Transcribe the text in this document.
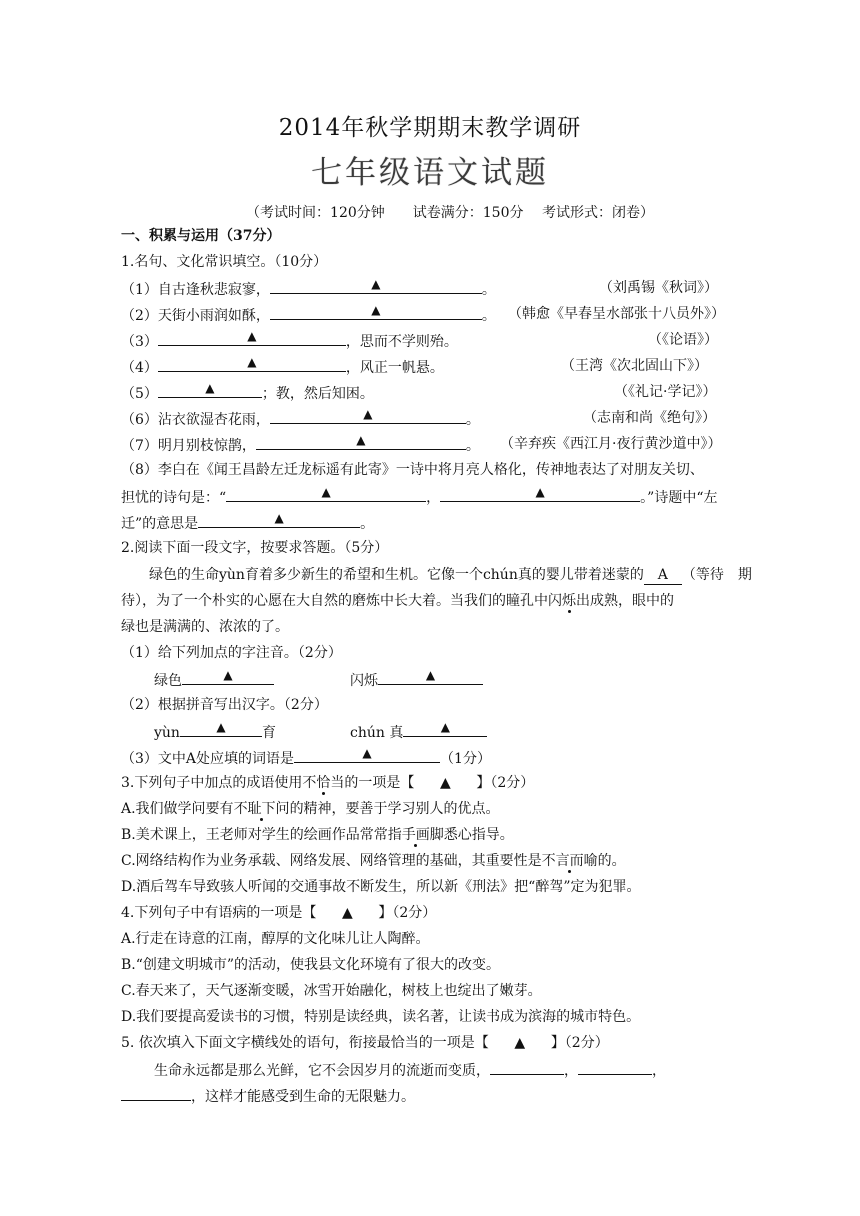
2014年秋学期期末教学调研
七年级语文试题
（考试时间：120分钟　　试卷满分：150分　 考试形式：闭卷）
一、积累与运用（37分）
1.名句、文化常识填空。（10分）
（1）自古逢秋悲寂寥，	▲	。	（刘禹锡《秋词》）
（2）天街小雨润如酥，	▲	。 （韩愈《早春呈水部张十八员外》）
（3）	▲	，思而不学则殆。	（《论语》）
（4）	▲	，风正一帆悬。	（王湾《次北固山下》）
（5）	▲	；教，然后知困。	（《礼记·学记》）
（6）沾衣欲湿杏花雨，	▲	。	（志南和尚《绝句》）
（7）明月别枝惊鹊，	▲	。 （辛弃疾《西江月·夜行黄沙道中》）
（8）李白在《闻王昌龄左迁龙标遥有此寄》一诗中将月亮人格化，传神地表达了对朋友关切、
担忧的诗句是：“	▲	，	▲	。”诗题中“左
迁”的意思是	▲	。
2.阅读下面一段文字，按要求答题。（5分）
绿色的生命yùn育着多少新生的希望和生机。它像一个chún真的婴儿带着迷蒙的 A （等待　期
待），为了一个朴实的心愿在大自然的磨炼中长大着。当我们的瞳孔中闪烁出成熟，眼中的
绿也是满满的、浓浓的了。
（1）给下列加点的字注音。（2分）
绿色	▲	闪烁	▲
（2）根据拼音写出汉字。（2分）
yùn	▲	育	chún 真	▲
（3）文中A处应填的词语是	▲	（1分）
3.下列句子中加点的成语使用不恰当的一项是【 ▲ 】（2分）
A.我们做学问要有不耻下问的精神，要善于学习别人的优点。
B.美术课上，王老师对学生的绘画作品常常指手画脚悉心指导。
C.网络结构作为业务承载、网络发展、网络管理的基础，其重要性是不言而喻的。
D.酒后驾车导致骇人听闻的交通事故不断发生，所以新《刑法》把“醉驾”定为犯罪。
4.下列句子中有语病的一项是【 ▲ 】（2分）
A.行走在诗意的江南，醇厚的文化味儿让人陶醉。
B.“创建文明城市”的活动，使我县文化环境有了很大的改变。
C.春天来了，天气逐渐变暖，冰雪开始融化，树枝上也绽出了嫩芽。
D.我们要提高爱读书的习惯，特别是读经典，读名著，让读书成为滨海的城市特色。
5. 依次填入下面文字横线处的语句，衔接最恰当的一项是【 ▲ 】（2分）
生命永远都是那么光鲜，它不会因岁月的流逝而变质，	，	，
，这样才能感受到生命的无限魅力。
